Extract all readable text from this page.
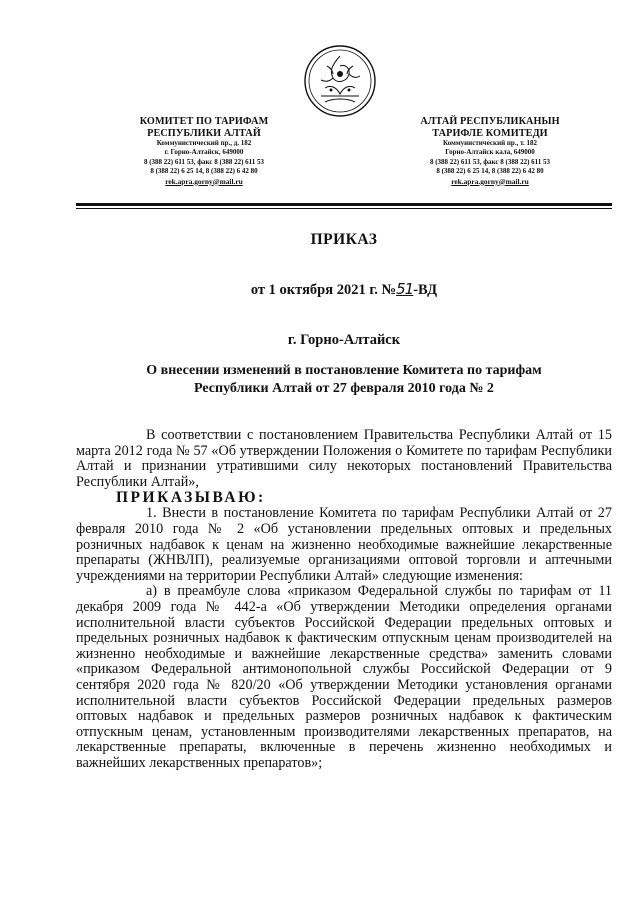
КОМИТЕТ ПО ТАРИФАМ
РЕСПУБЛИКИ АЛТАЙ
Коммунистический пр., д. 182
г. Горно-Алтайск, 649000
8 (388 22) 611 53, факс 8 (388 22) 611 53
8 (388 22) 6 25 14, 8 (388 22) 6 42 80
rek.apra.gorny@mail.ru
АЛТАЙ РЕСПУБЛИКАНЫН
ТАРИФЛЕ КОМИТЕДИ
Коммунистический пр., т. 182
Горно-Алтайск кала, 649000
8 (388 22) 611 53, факс 8 (388 22) 611 53
8 (388 22) 6 25 14, 8 (388 22) 6 42 80
rek.apra.gorny@mail.ru
ПРИКАЗ
от 1 октября 2021 г. №51-ВД
г. Горно-Алтайск
О внесении изменений в постановление Комитета по тарифам
Республики Алтай от 27 февраля 2010 года № 2

В соответствии с постановлением Правительства Республики Алтай от 15 марта 2012 года № 57 «Об утверждении Положения о Комитете по тарифам Республики Алтай и признании утратившими силу некоторых постановлений Правительства Республики Алтай»,

ПРИКАЗЫВАЮ:

1. Внести в постановление Комитета по тарифам Республики Алтай от 27 февраля 2010 года № 2 «Об установлении предельных оптовых и предельных розничных надбавок к ценам на жизненно необходимые важнейшие лекарственные препараты (ЖНВЛП), реализуемые организациями оптовой торговли и аптечными учреждениями на территории Республики Алтай» следующие изменения:

а) в преамбуле слова «приказом Федеральной службы по тарифам от 11 декабря 2009 года № 442-а «Об утверждении Методики определения органами исполнительной власти субъектов Российской Федерации предельных оптовых и предельных розничных надбавок к фактическим отпускным ценам производителей на жизненно необходимые и важнейшие лекарственные средства» заменить словами «приказом Федеральной антимонопольной службы Российской Федерации от 9 сентября 2020 года № 820/20 «Об утверждении Методики установления органами исполнительной власти субъектов Российской Федерации предельных размеров оптовых надбавок и предельных размеров розничных надбавок к фактическим отпускным ценам, установленным производителями лекарственных препаратов, на лекарственные препараты, включенные в перечень жизненно необходимых и важнейших лекарственных препаратов»;
